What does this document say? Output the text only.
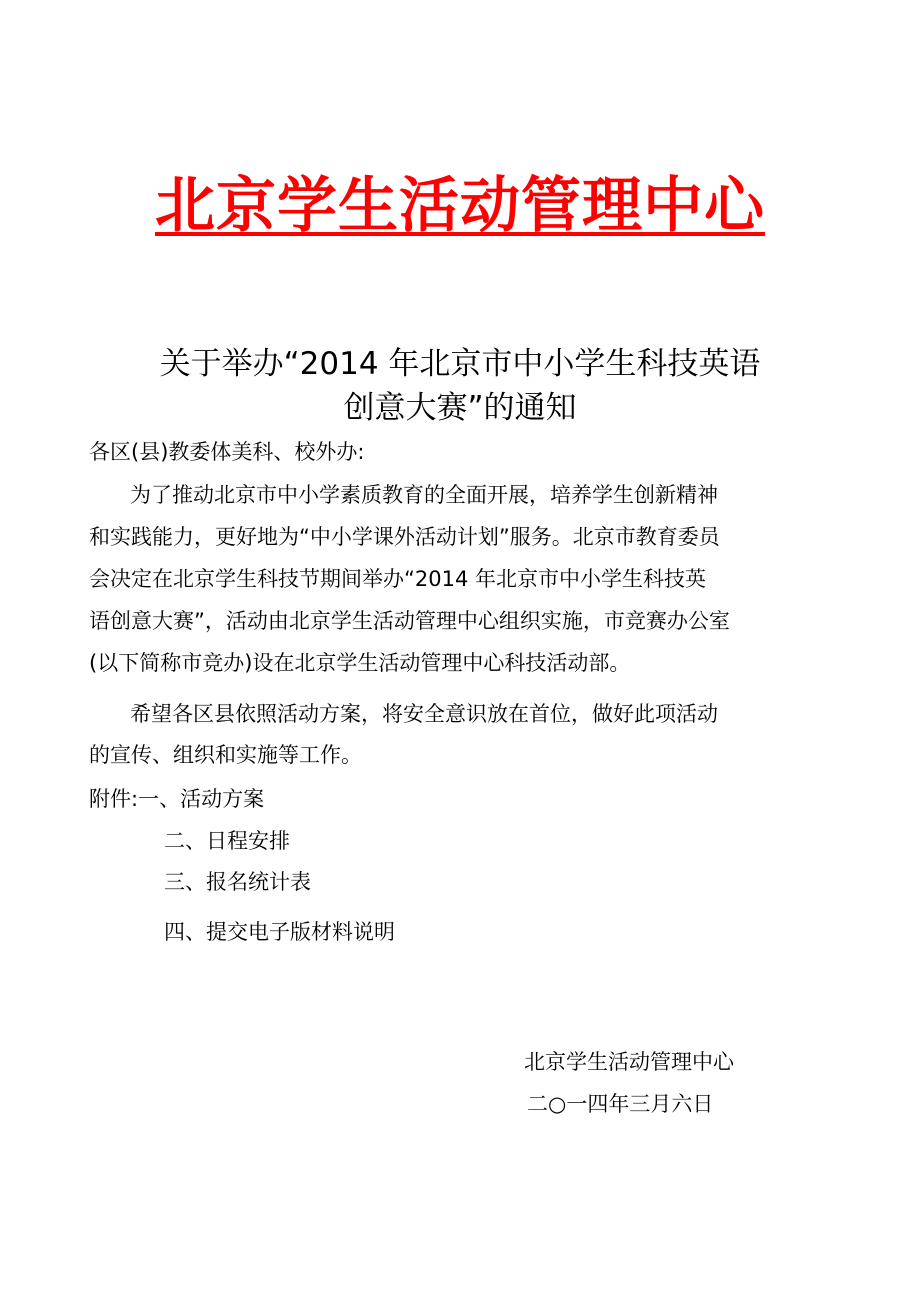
北京学生活动管理中心
关于举办“2014 年北京市中小学生科技英语
创意大赛”的通知
各区(县)教委体美科、校外办:
为了推动北京市中小学素质教育的全面开展，培养学生创新精神
和实践能力，更好地为“中小学课外活动计划”服务。北京市教育委员
会决定在北京学生科技节期间举办“2014 年北京市中小学生科技英
语创意大赛”，活动由北京学生活动管理中心组织实施，市竞赛办公室
(以下简称市竞办)设在北京学生活动管理中心科技活动部。
希望各区县依照活动方案，将安全意识放在首位，做好此项活动
的宣传、组织和实施等工作。
附件:一、活动方案
二、日程安排
三、报名统计表
四、提交电子版材料说明
北京学生活动管理中心
二○一四年三月六日
